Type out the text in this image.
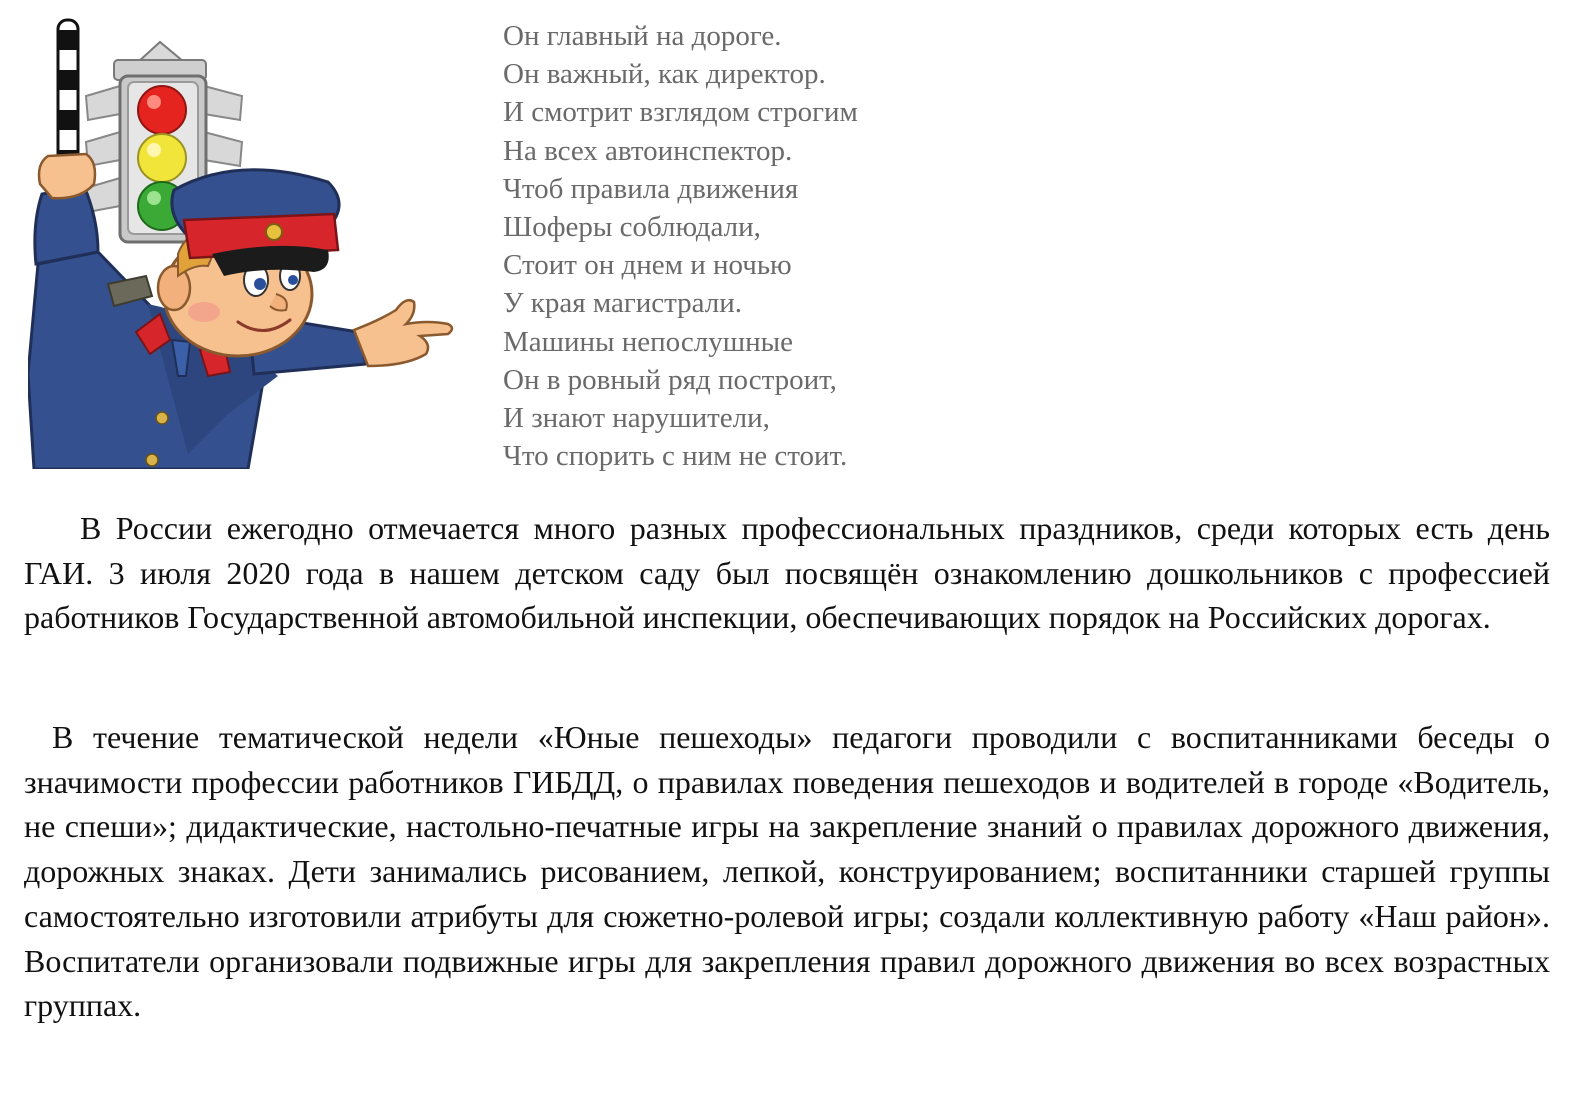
Он главный на дороге.
Он важный, как директор.
И смотрит взглядом строгим
На всех автоинспектор.
Чтоб правила движения
Шоферы соблюдали,
Стоит он днем и ночью
У края магистрали.
Машины непослушные
Он в ровный ряд построит,
И знают нарушители,
Что спорить с ним не стоит.

В России ежегодно отмечается много разных профессиональных праздников, среди которых есть день ГАИ. 3 июля 2020 года в нашем детском саду был посвящён ознакомлению дошкольников с профессией работников Государственной автомобильной инспекции, обеспечивающих порядок на Российских дорогах.

В течение тематической недели «Юные пешеходы» педагоги проводили с воспитанниками беседы о значимости профессии работников ГИБДД, о правилах поведения пешеходов и водителей в городе «Водитель, не спеши»; дидактические, настольно-печатные игры на закрепление знаний о правилах дорожного движения, дорожных знаках. Дети занимались рисованием, лепкой, конструированием; воспитанники старшей группы самостоятельно изготовили атрибуты для сюжетно-ролевой игры; создали коллективную работу «Наш район». Воспитатели организовали подвижные игры для закрепления правил дорожного движения во всех возрастных группах.
